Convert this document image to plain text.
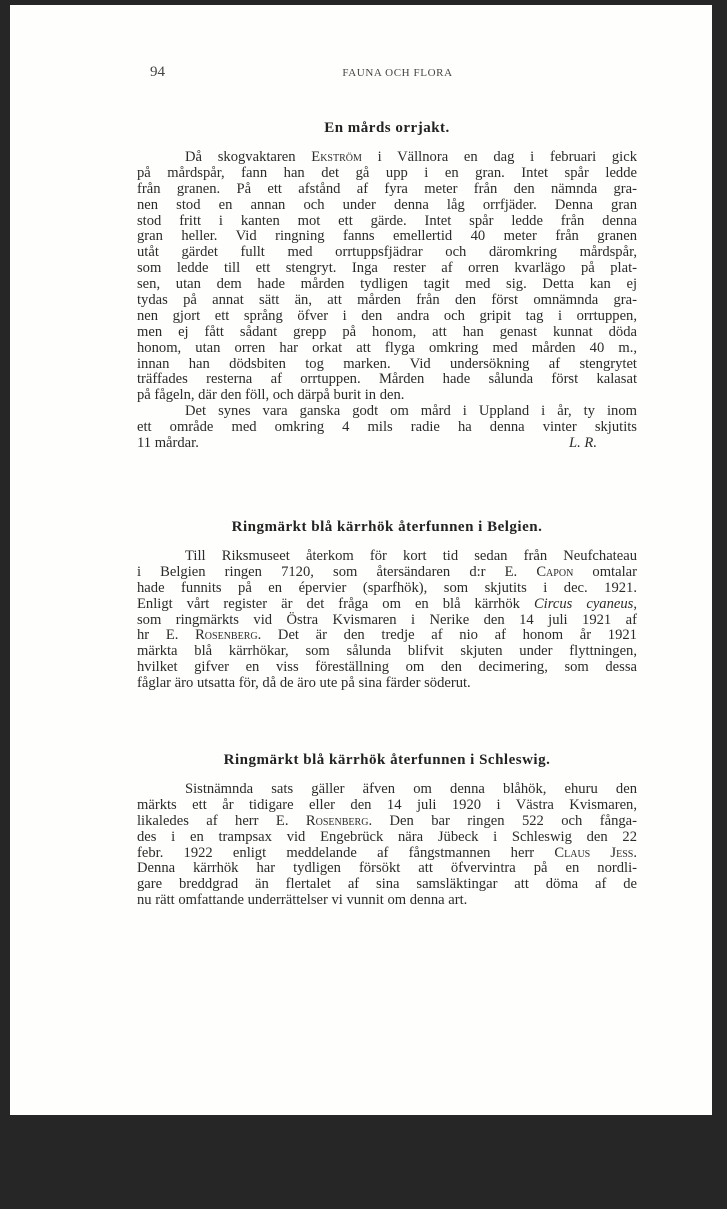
94	FAUNA OCH FLORA
En mårds orrjakt.
Då skogvaktaren Ekström i Vällnora en dag i februari gick
på mårdspår, fann han det gå upp i en gran. Intet spår ledde
från granen. På ett afstånd af fyra meter från den nämnda gra-
nen stod en annan och under denna låg orrfjäder. Denna gran
stod fritt i kanten mot ett gärde. Intet spår ledde från denna
gran heller. Vid ringning fanns emellertid 40 meter från granen
utåt gärdet fullt med orrtuppsfjädrar och däromkring mårdspår,
som ledde till ett stengryt. Inga rester af orren kvarlägo på plat-
sen, utan dem hade mården tydligen tagit med sig. Detta kan ej
tydas på annat sätt än, att mården från den först omnämnda gra-
nen gjort ett språng öfver i den andra och gripit tag i orrtuppen,
men ej fått sådant grepp på honom, att han genast kunnat döda
honom, utan orren har orkat att flyga omkring med mården 40 m.,
innan han dödsbiten tog marken. Vid undersökning af stengrytet
träffades resterna af orrtuppen. Mården hade sålunda först kalasat
på fågeln, där den föll, och därpå burit in den.
Det synes vara ganska godt om mård i Uppland i år, ty inom
ett område med omkring 4 mils radie ha denna vinter skjutits
11 mårdar.	L. R.
Ringmärkt blå kärrhök återfunnen i Belgien.
Till Riksmuseet återkom för kort tid sedan från Neufchateau
i Belgien ringen 7120, som återsändaren d:r E. Capon omtalar
hade funnits på en épervier (sparfhök), som skjutits i dec. 1921.
Enligt vårt register är det fråga om en blå kärrhök Circus cyaneus,
som ringmärkts vid Östra Kvismaren i Nerike den 14 juli 1921 af
hr E. Rosenberg. Det är den tredje af nio af honom år 1921
märkta blå kärrhökar, som sålunda blifvit skjuten under flyttningen,
hvilket gifver en viss föreställning om den decimering, som dessa
fåglar äro utsatta för, då de äro ute på sina färder söderut.
Ringmärkt blå kärrhök återfunnen i Schleswig.
Sistnämnda sats gäller äfven om denna blåhök, ehuru den
märkts ett år tidigare eller den 14 juli 1920 i Västra Kvismaren,
likaledes af herr E. Rosenberg. Den bar ringen 522 och fånga-
des i en trampsax vid Engebrück nära Jübeck i Schleswig den 22
febr. 1922 enligt meddelande af fångstmannen herr Claus Jess.
Denna kärrhök har tydligen försökt att öfvervintra på en nordli-
gare breddgrad än flertalet af sina samsläktingar att döma af de
nu rätt omfattande underrättelser vi vunnit om denna art.
